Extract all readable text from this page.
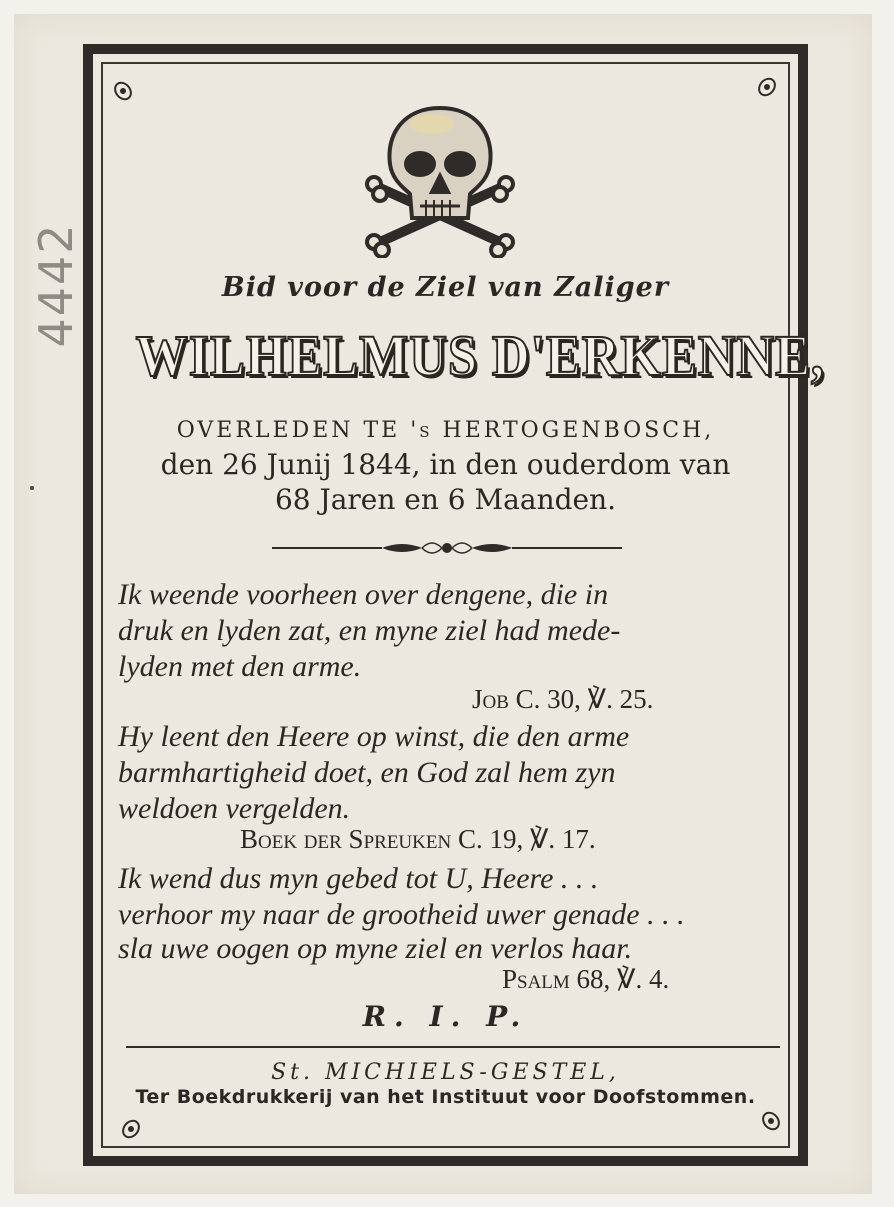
4442	Bid voor de Ziel van Zaliger
WILHELMUS D'ERKENNE,
OVERLEDEN TE 's HERTOGENBOSCH,
den 26 Junij 1844, in den ouderdom van
68 Jaren en 6 Maanden.
Ik weende voorheen over dengene, die in
druk en lyden zat, en myne ziel had mede-
lyden met den arme.
Job C. 30, ℣. 25.
Hy leent den Heere op winst, die den arme
barmhartigheid doet, en God zal hem zyn
weldoen vergelden.
Boek der Spreuken C. 19, ℣. 17.
Ik wend dus myn gebed tot U, Heere . . .
verhoor my naar de grootheid uwer genade . . .
sla uwe oogen op myne ziel en verlos haar.
Psalm 68, ℣. 4.
R. I. P.
St. MICHIELS-GESTEL,
Ter Boekdrukkerij van het Instituut voor Doofstommen.
